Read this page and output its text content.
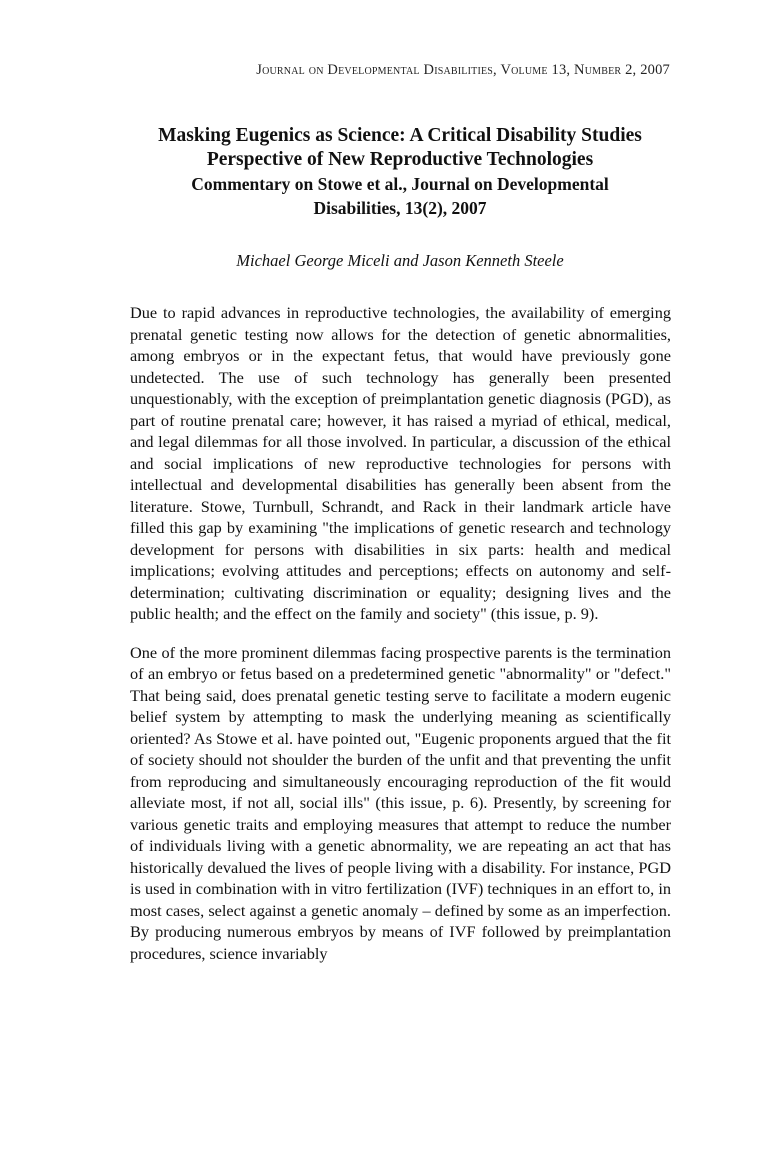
Journal on Developmental Disabilities, Volume 13, Number 2, 2007
Masking Eugenics as Science: A Critical Disability Studies
Perspective of New Reproductive Technologies
Commentary on Stowe et al., Journal on Developmental
Disabilities, 13(2), 2007
Michael George Miceli and Jason Kenneth Steele

Due to rapid advances in reproductive technologies, the availability of emerging prenatal genetic testing now allows for the detection of genetic abnormalities, among embryos or in the expectant fetus, that would have previously gone undetected. The use of such technology has generally been presented unquestionably, with the exception of preimplantation genetic diagnosis (PGD), as part of routine prenatal care; however, it has raised a myriad of ethical, medical, and legal dilemmas for all those involved. In particular, a discussion of the ethical and social implications of new reproductive technologies for persons with intellectual and developmental disabilities has generally been absent from the literature. Stowe, Turnbull, Schrandt, and Rack in their landmark article have filled this gap by examining "the implications of genetic research and technology development for persons with disabilities in six parts: health and medical implications; evolving attitudes and perceptions; effects on autonomy and self-determination; cultivating discrimination or equality; designing lives and the public health; and the effect on the family and society" (this issue, p. 9).

One of the more prominent dilemmas facing prospective parents is the termination of an embryo or fetus based on a predetermined genetic "abnormality" or "defect." That being said, does prenatal genetic testing serve to facilitate a modern eugenic belief system by attempting to mask the underlying meaning as scientifically oriented? As Stowe et al. have pointed out, "Eugenic proponents argued that the fit of society should not shoulder the burden of the unfit and that preventing the unfit from reproducing and simultaneously encouraging reproduction of the fit would alleviate most, if not all, social ills" (this issue, p. 6). Presently, by screening for various genetic traits and employing measures that attempt to reduce the number of individuals living with a genetic abnormality, we are repeating an act that has historically devalued the lives of people living with a disability. For instance, PGD is used in combination with in vitro fertilization (IVF) techniques in an effort to, in most cases, select against a genetic anomaly – defined by some as an imperfection. By producing numerous embryos by means of IVF followed by preimplantation procedures, science invariably
